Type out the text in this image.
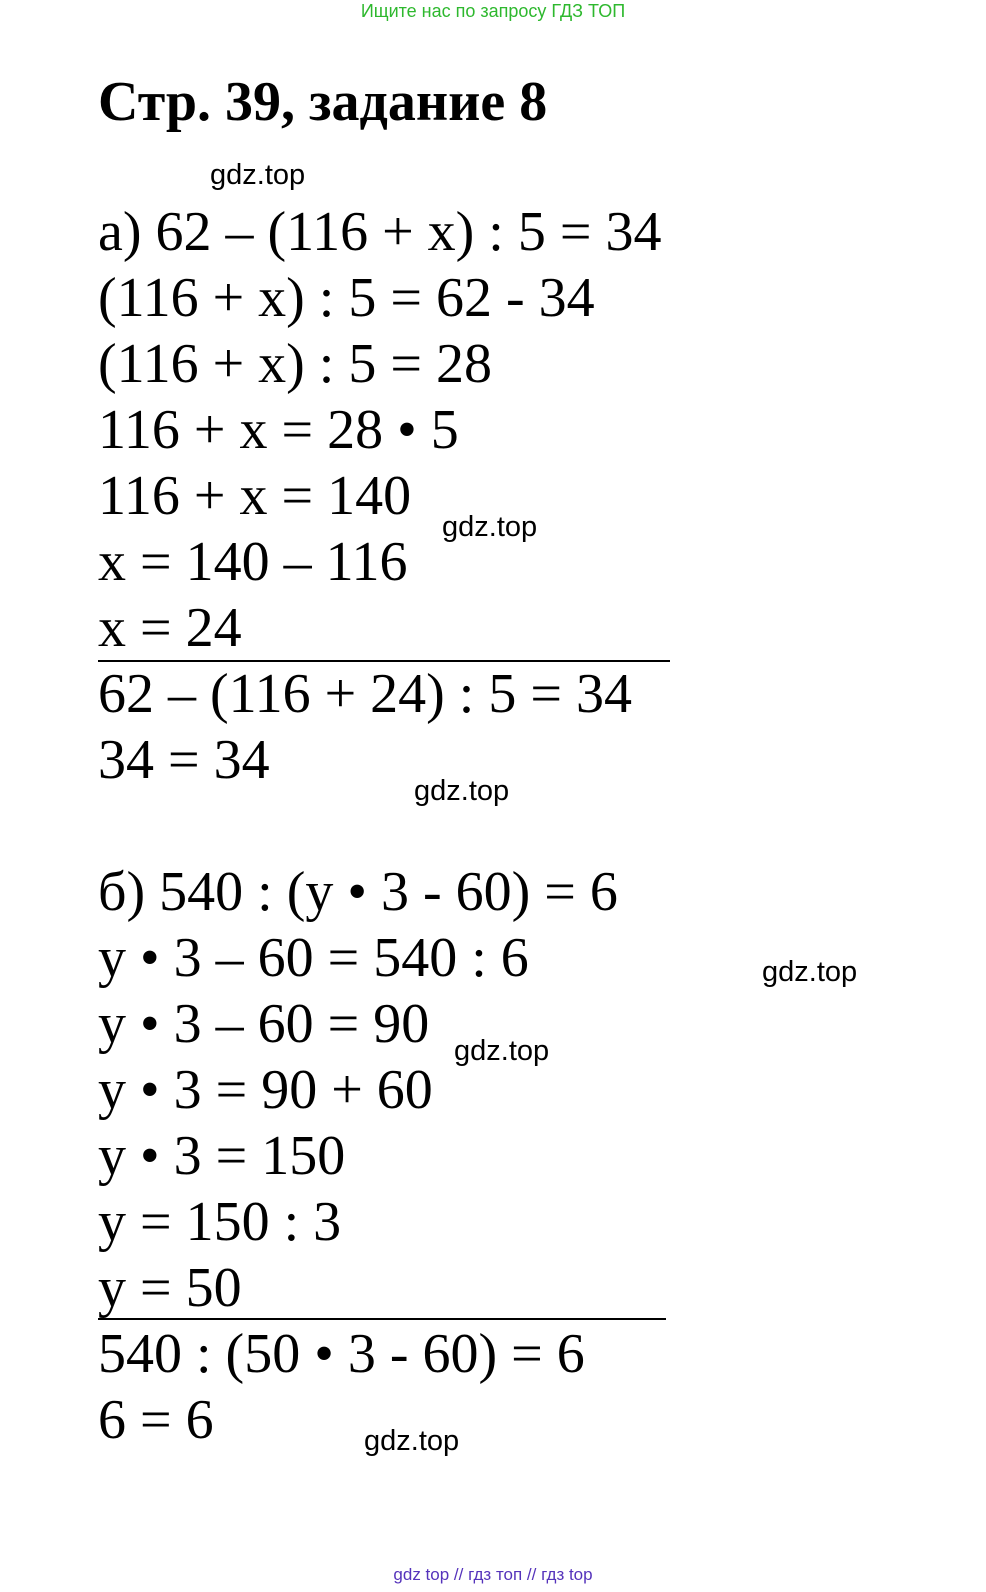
Ищите нас по запросу ГДЗ ТОП
Стр. 39, задание 8
gdz.top
а) 62 – (116 + x) : 5 = 34
(116 + x) : 5 = 62 - 34
(116 + x) : 5 = 28
116 + x = 28 • 5
116 + x = 140
x = 140 – 116
x = 24
62 – (116 + 24) : 5 = 34
34 = 34
gdz.top
gdz.top
б) 540 : (y • 3 - 60) = 6
y • 3 – 60 = 540 : 6
y • 3 – 60 = 90
y • 3 = 90 + 60
y • 3 = 150
y = 150 : 3
y = 50
540 : (50 • 3 - 60) = 6
6 = 6
gdz.top
gdz.top
gdz.top
gdz top // гдз топ // гдз top
